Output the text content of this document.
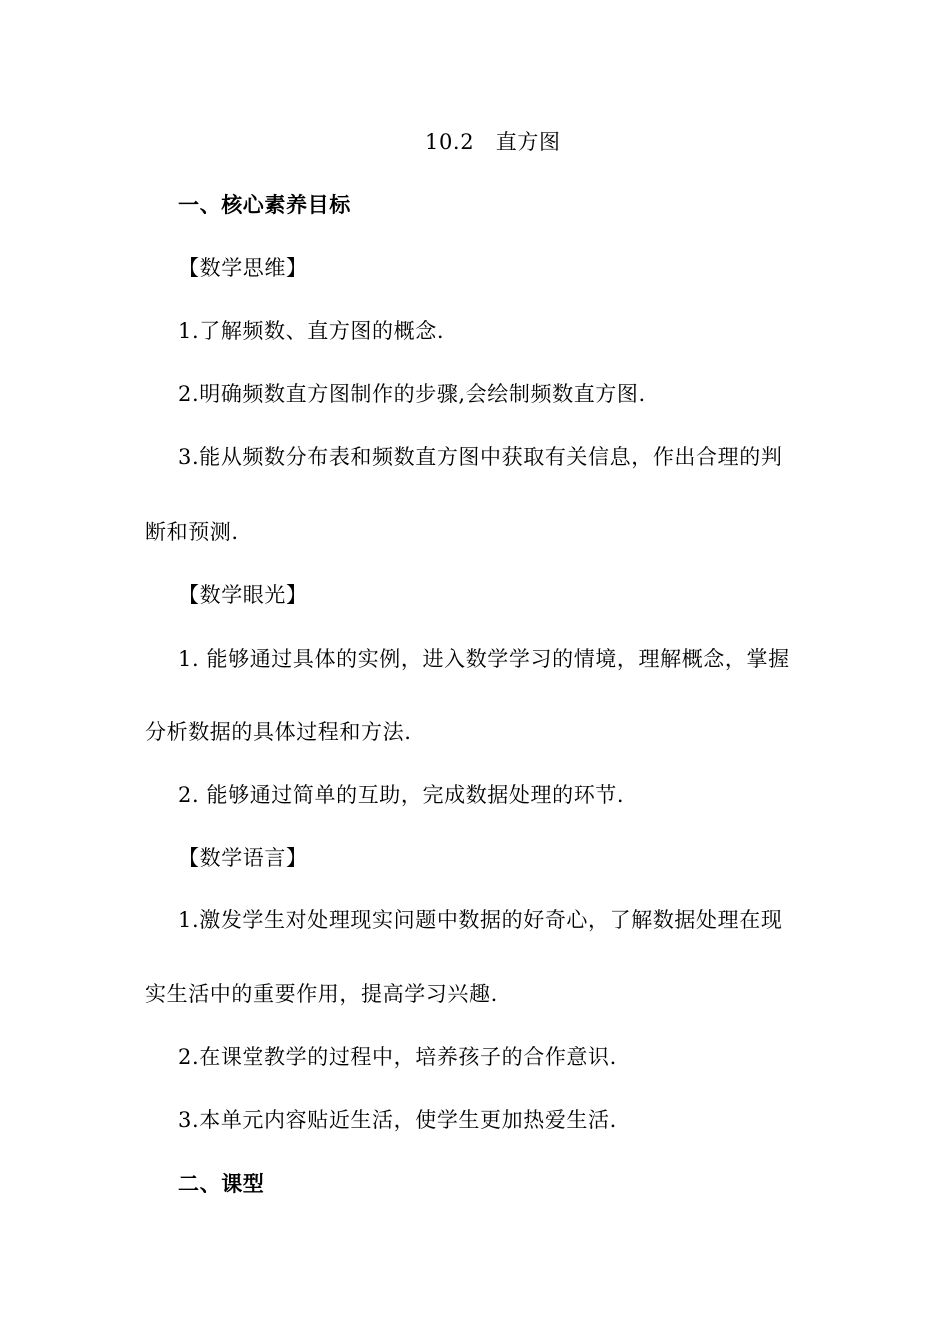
10.2　直方图
一、核心素养目标
【数学思维】
1.了解频数、直方图的概念.
2.明确频数直方图制作的步骤,会绘制频数直方图.
3.能从频数分布表和频数直方图中获取有关信息，作出合理的判
断和预测.
【数学眼光】
1. 能够通过具体的实例，进入数学学习的情境，理解概念，掌握
分析数据的具体过程和方法.
2. 能够通过简单的互助，完成数据处理的环节.
【数学语言】
1.激发学生对处理现实问题中数据的好奇心，了解数据处理在现
实生活中的重要作用，提高学习兴趣.
2.在课堂教学的过程中，培养孩子的合作意识.
3.本单元内容贴近生活，使学生更加热爱生活.
二、课型
